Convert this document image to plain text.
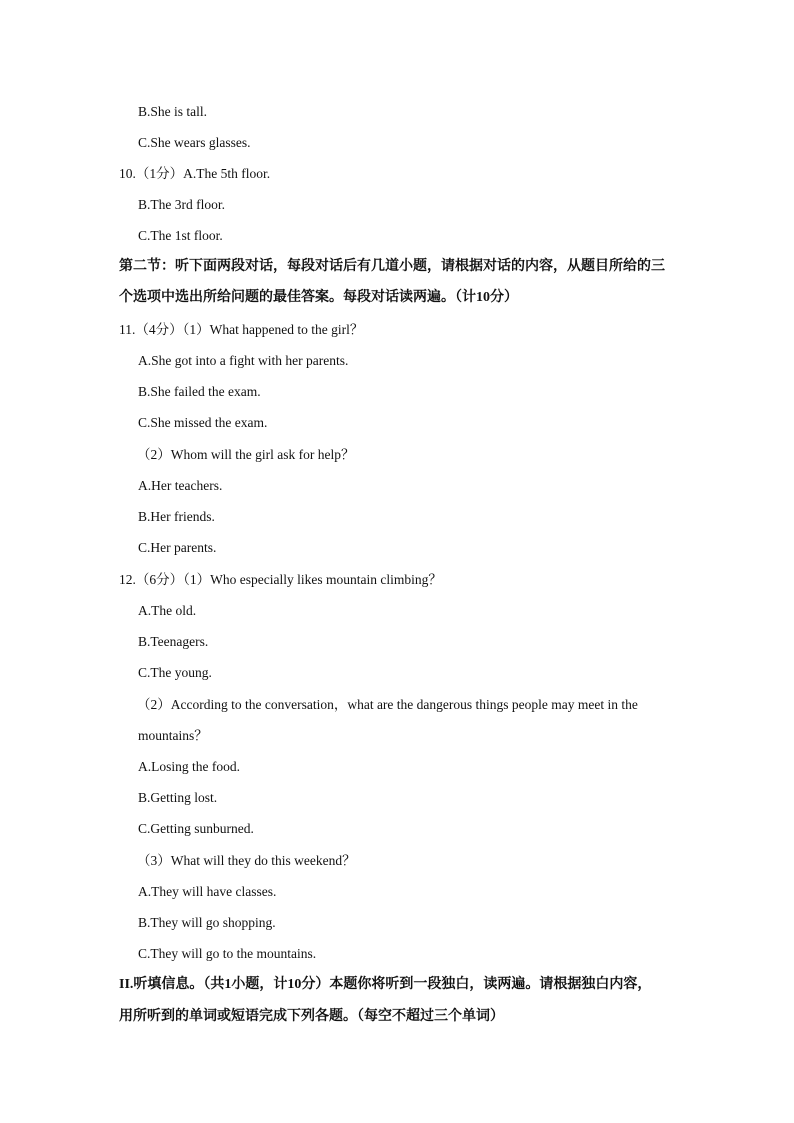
B.She is tall.
C.She wears glasses.
10.（1分）A.The 5th floor.
B.The 3rd floor.
C.The 1st floor.
第二节：听下面两段对话，每段对话后有几道小题，请根据对话的内容，从题目所给的三
个选项中选出所给问题的最佳答案。每段对话读两遍。（计10分）
11.（4分）（1）What happened to the girl？
A.She got into a fight with her parents.
B.She failed the exam.
C.She missed the exam.
（2）Whom will the girl ask for help？
A.Her teachers.
B.Her friends.
C.Her parents.
12.（6分）（1）Who especially likes mountain climbing？
A.The old.
B.Teenagers.
C.The young.
（2）According to the conversation，what are the dangerous things people may meet in the
mountains？
A.Losing the food.
B.Getting lost.
C.Getting sunburned.
（3）What will they do this weekend？
A.They will have classes.
B.They will go shopping.
C.They will go to the mountains.
II.听填信息。（共1小题，计10分）本题你将听到一段独白，读两遍。请根据独白内容，
用所听到的单词或短语完成下列各题。（每空不超过三个单词）
